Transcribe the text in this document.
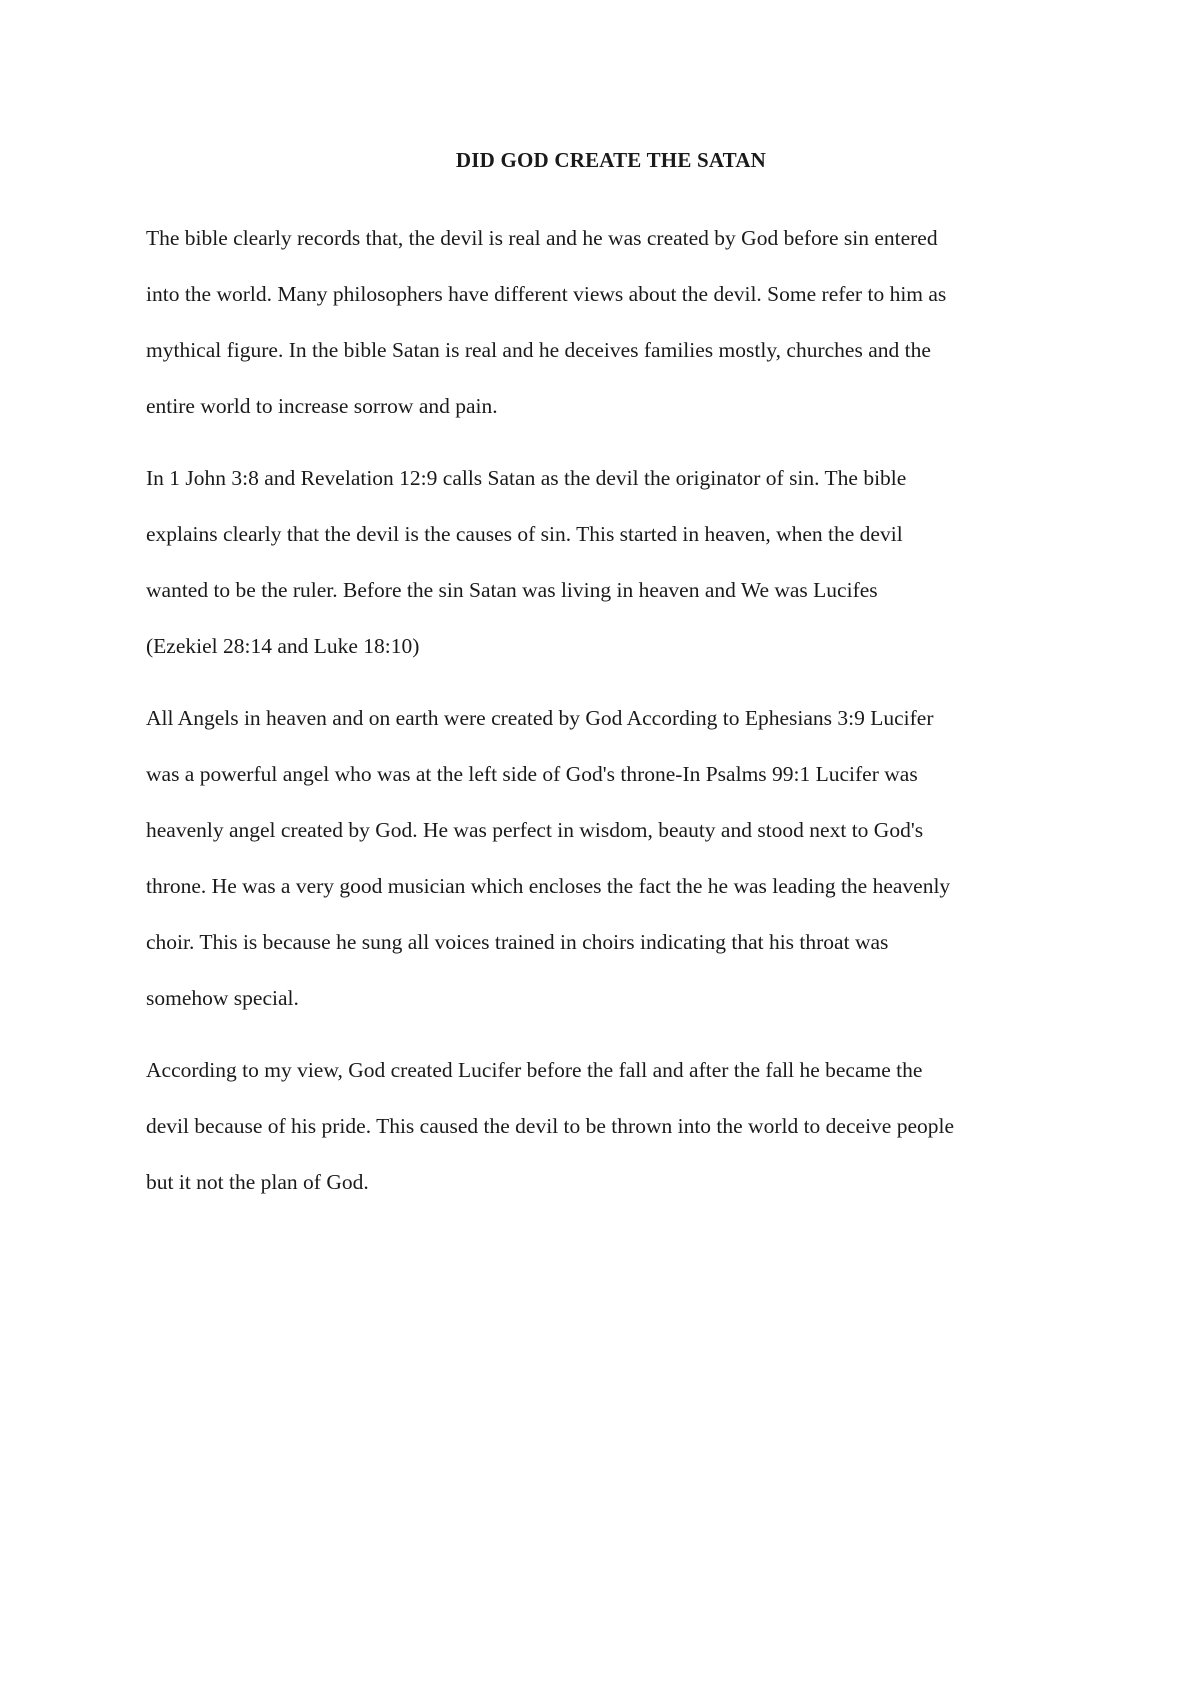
DID GOD CREATE THE SATAN
The bible clearly records that, the devil is real and he was created by God before sin entered
into the world. Many philosophers have different views about the devil. Some refer to him as
mythical figure. In the bible Satan is real and he deceives families mostly, churches and the
entire world to increase sorrow and pain.
In 1 John 3:8 and Revelation 12:9 calls Satan as the devil the originator of sin. The bible
explains clearly that the devil is the causes of sin. This started in heaven, when the devil
wanted to be the ruler. Before the sin Satan was living in heaven and We was Lucifes
(Ezekiel 28:14 and Luke 18:10)
All Angels in heaven and on earth were created by God According to Ephesians 3:9 Lucifer
was a powerful angel who was at the left side of God's throne-In Psalms 99:1 Lucifer was
heavenly angel created by God. He was perfect in wisdom, beauty and stood next to God's
throne. He was a very good musician which encloses the fact the he was leading the heavenly
choir. This is because he sung all voices trained in choirs indicating that his throat was
somehow special.
According to my view, God created Lucifer before the fall and after the fall he became the
devil because of his pride. This caused the devil to be thrown into the world to deceive people
but it not the plan of God.
